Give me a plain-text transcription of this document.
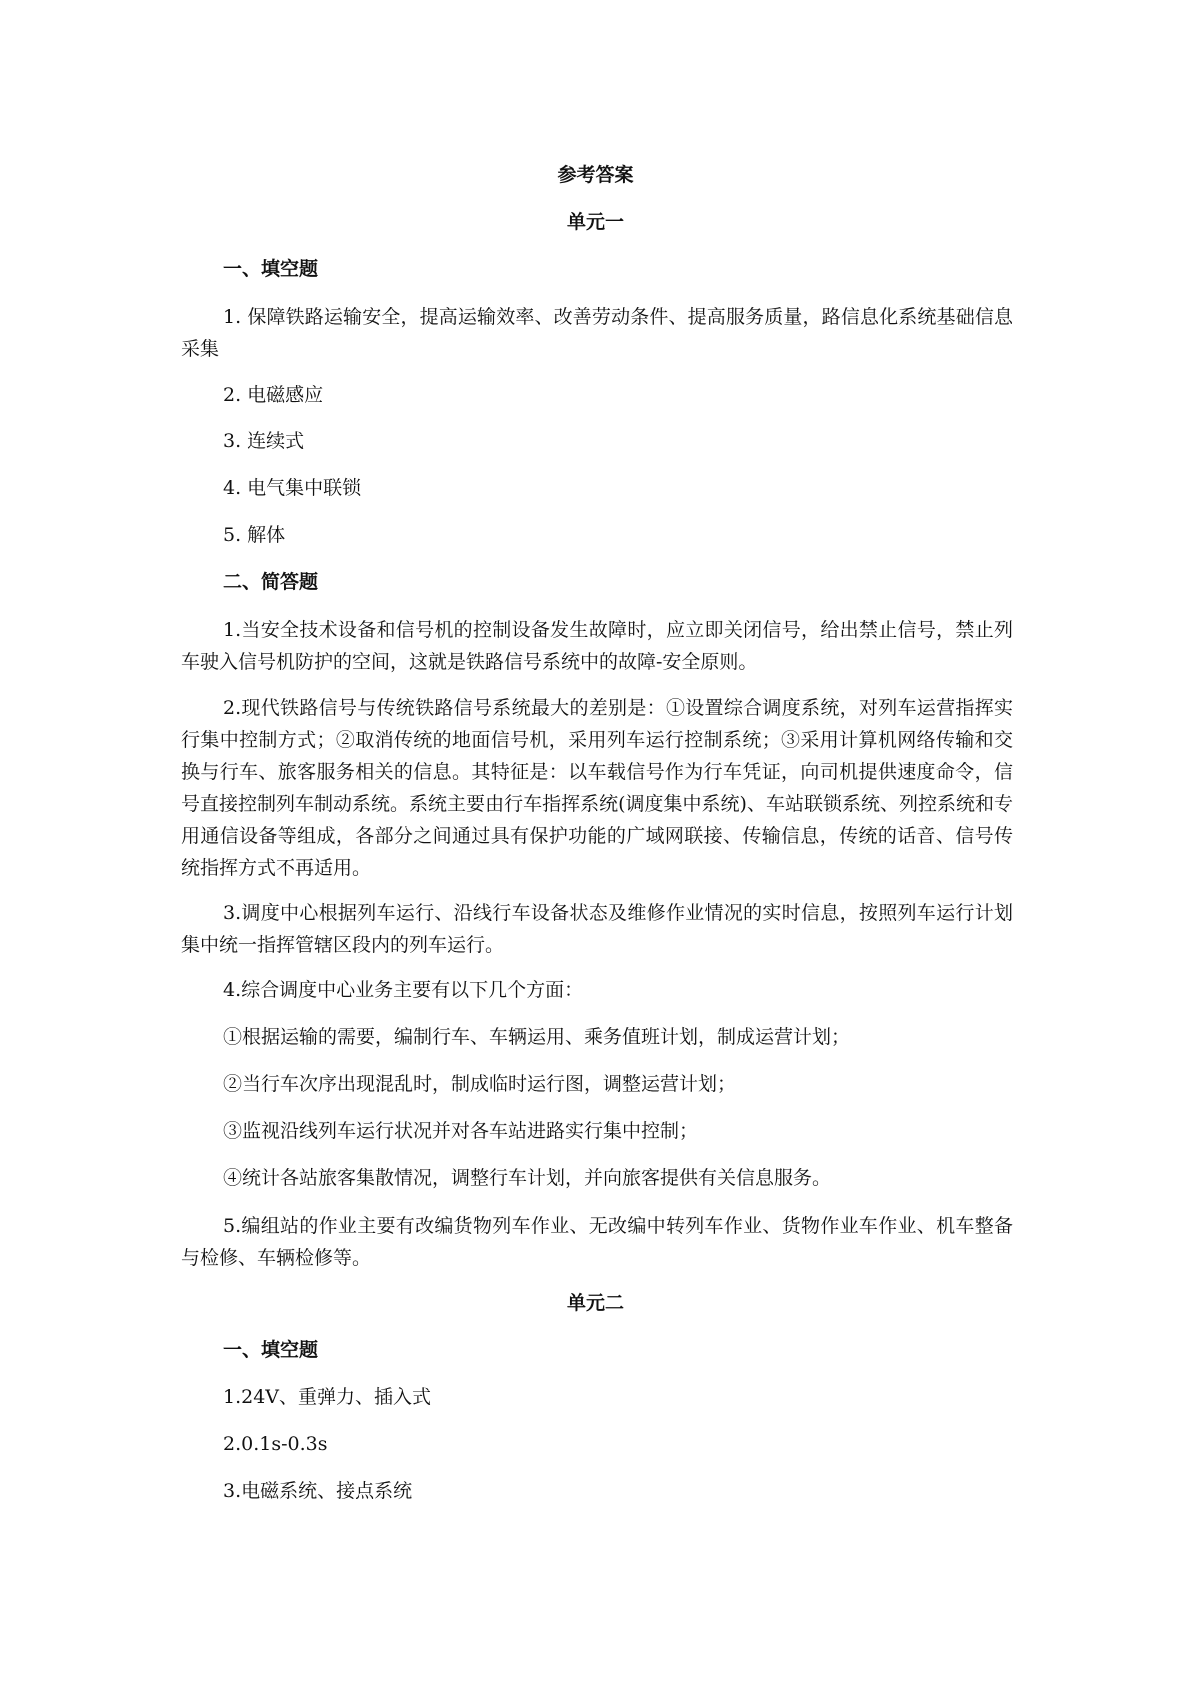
参考答案
单元一
一、填空题
1. 保障铁路运输安全，提高运输效率、改善劳动条件、提高服务质量，路信息化系统基础信息采集
2. 电磁感应
3. 连续式
4. 电气集中联锁
5. 解体
二、简答题
1.当安全技术设备和信号机的控制设备发生故障时，应立即关闭信号，给出禁止信号，禁止列车驶入信号机防护的空间，这就是铁路信号系统中的故障-安全原则。
2.现代铁路信号与传统铁路信号系统最大的差别是：①设置综合调度系统，对列车运营指挥实行集中控制方式；②取消传统的地面信号机，采用列车运行控制系统；③采用计算机网络传输和交换与行车、旅客服务相关的信息。其特征是：以车载信号作为行车凭证，向司机提供速度命令，信号直接控制列车制动系统。系统主要由行车指挥系统(调度集中系统)、车站联锁系统、列控系统和专用通信设备等组成，各部分之间通过具有保护功能的广域网联接、传输信息，传统的话音、信号传统指挥方式不再适用。
3.调度中心根据列车运行、沿线行车设备状态及维修作业情况的实时信息，按照列车运行计划集中统一指挥管辖区段内的列车运行。
4.综合调度中心业务主要有以下几个方面：
①根据运输的需要，编制行车、车辆运用、乘务值班计划，制成运营计划；
②当行车次序出现混乱时，制成临时运行图，调整运营计划；
③监视沿线列车运行状况并对各车站进路实行集中控制；
④统计各站旅客集散情况，调整行车计划，并向旅客提供有关信息服务。
5.编组站的作业主要有改编货物列车作业、无改编中转列车作业、货物作业车作业、机车整备与检修、车辆检修等。
单元二
一、填空题
1.24V、重弹力、插入式
2.0.1s-0.3s
3.电磁系统、接点系统
